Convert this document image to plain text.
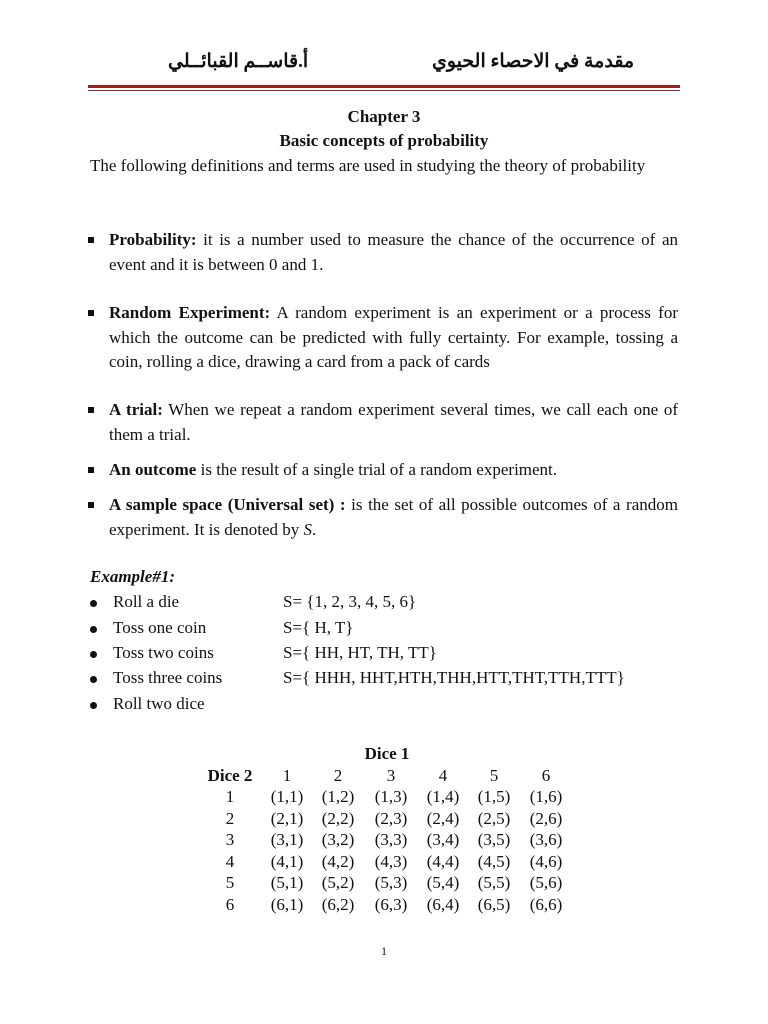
أ.قاســم القبائــلي	مقدمة في الاحصاء الحيوي
Chapter 3
Basic concepts of probability
The following definitions and terms are used in studying the theory of probability
Probability: it is a number used to measure the chance of the occurrence of an event and it is between 0 and 1.
Random Experiment: A random experiment is an experiment or a process for which the outcome can be predicted with fully certainty. For example, tossing a coin, rolling a dice, drawing a card from a pack of cards
A trial: When we repeat a random experiment several times, we call each one of them a trial.
An outcome is the result of a single trial of a random experiment.
A sample space (Universal set) : is the set of all possible outcomes of a random experiment. It is denoted by S.
Example#1:
Roll a die	S= {1, 2, 3, 4, 5, 6}
Toss one coin	S={ H, T}
Toss two coins	S={ HH, HT, TH, TT}
Toss three coins	S={ HHH, HHT,HTH,THH,HTT,THT,TTH,TTT}
Roll two dice
Dice 1
Dice 2	1	2	3	4	5	6
1	(1,1)	(1,2)	(1,3)	(1,4)	(1,5)	(1,6)
2	(2,1)	(2,2)	(2,3)	(2,4)	(2,5)	(2,6)
3	(3,1)	(3,2)	(3,3)	(3,4)	(3,5)	(3,6)
4	(4,1)	(4,2)	(4,3)	(4,4)	(4,5)	(4,6)
5	(5,1)	(5,2)	(5,3)	(5,4)	(5,5)	(5,6)
6	(6,1)	(6,2)	(6,3)	(6,4)	(6,5)	(6,6)
1
